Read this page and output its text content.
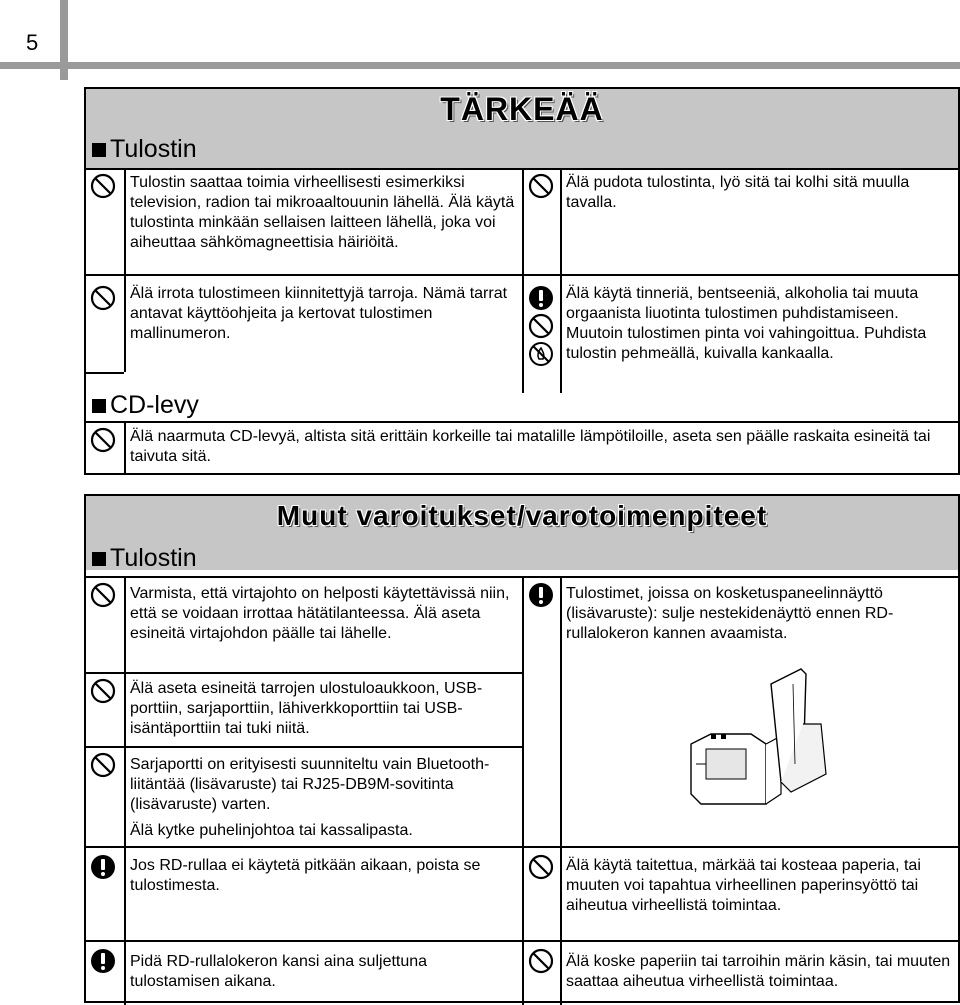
5
TÄRKEÄÄ
Tulostin
Tulostin saattaa toimia virheellisesti esimerkiksi television, radion tai mikroaaltouunin lähellä. Älä käytä tulostinta minkään sellaisen laitteen lähellä, joka voi aiheuttaa sähkömagneettisia häiriöitä.
Älä irrota tulostimeen kiinnitettyjä tarroja. Nämä tarrat antavat käyttöohjeita ja kertovat tulostimen mallinumeron.
Älä pudota tulostinta, lyö sitä tai kolhi sitä muulla tavalla.
Älä käytä tinneriä, bentseeniä, alkoholia tai muuta orgaanista liuotinta tulostimen puhdistamiseen. Muutoin tulostimen pinta voi vahingoittua. Puhdista tulostin pehmeällä, kuivalla kankaalla.
CD-levy
Älä naarmuta CD-levyä, altista sitä erittäin korkeille tai matalille lämpötiloille, aseta sen päälle raskaita esineitä tai taivuta sitä.
Muut varoitukset/varotoimenpiteet
Tulostin
Varmista, että virtajohto on helposti käytettävissä niin, että se voidaan irrottaa hätätilanteessa. Älä aseta esineitä virtajohdon päälle tai lähelle.
Älä aseta esineitä tarrojen ulostuloaukkoon, USB-porttiin, sarjaporttiin, lähiverkkoporttiin tai USB-isäntäporttiin tai tuki niitä.
Sarjaportti on erityisesti suunniteltu vain Bluetooth-liitäntää (lisävaruste) tai RJ25-DB9M-sovitinta (lisävaruste) varten.
Älä kytke puhelinjohtoa tai kassalipasta.
Jos RD-rullaa ei käytetä pitkään aikaan, poista se tulostimesta.
Pidä RD-rullalokeron kansi aina suljettuna tulostamisen aikana.
Tulostimet, joissa on kosketuspaneelinnäyttö (lisävaruste): sulje nestekidenäyttö ennen RD-rullalokeron kannen avaamista.
Älä käytä taitettua, märkää tai kosteaa paperia, tai muuten voi tapahtua virheellinen paperinsyöttö tai aiheutua virheellistä toimintaa.
Älä koske paperiin tai tarroihin märin käsin, tai muuten saattaa aiheutua virheellistä toimintaa.
